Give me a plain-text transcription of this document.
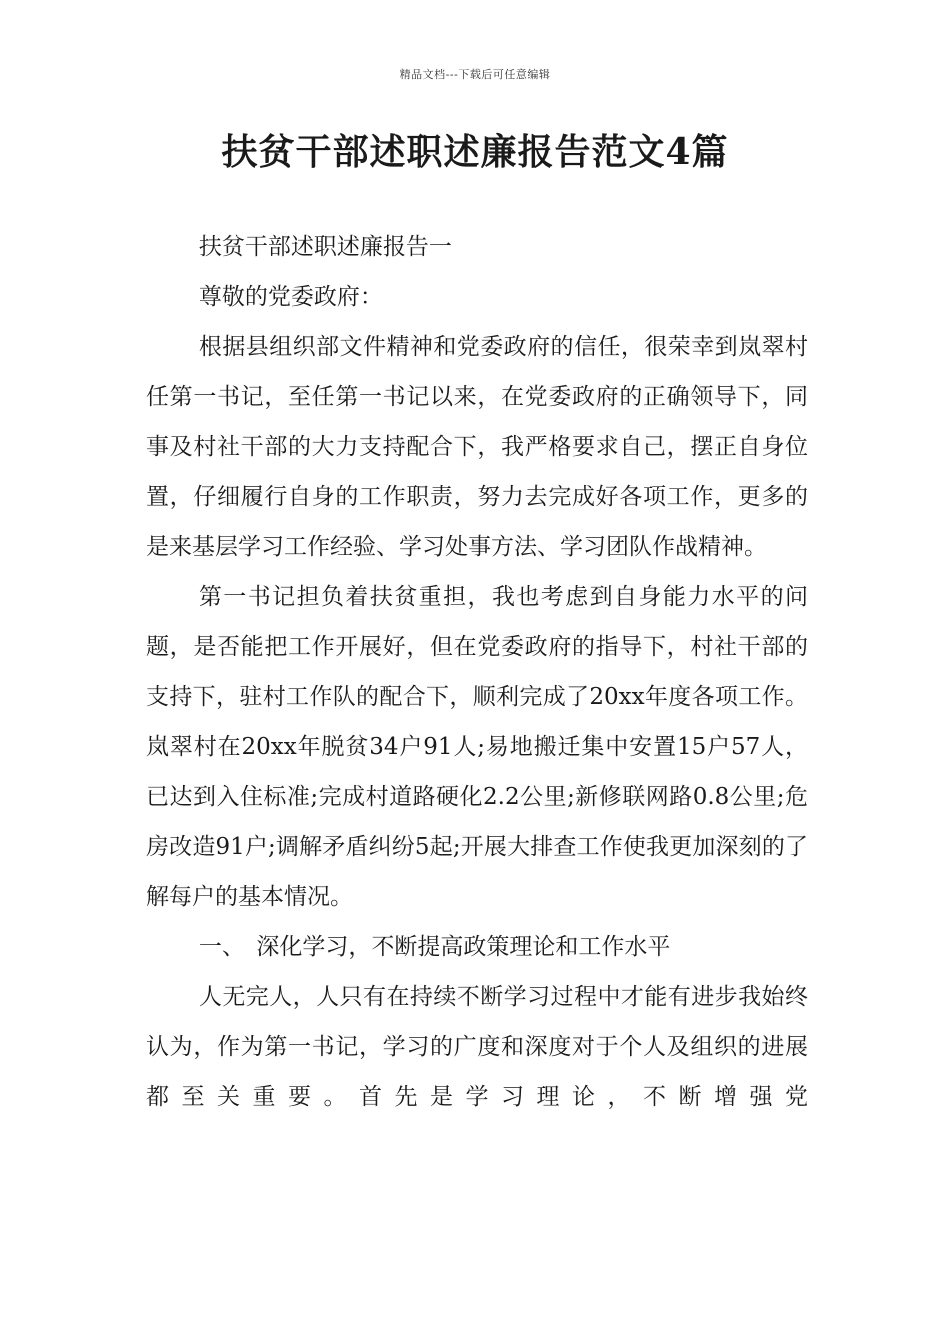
精品文档---下载后可任意编辑
扶贫干部述职述廉报告范文4篇

扶贫干部述职述廉报告一

尊敬的党委政府：

根据县组织部文件精神和党委政府的信任，很荣幸到岚翠村任第一书记，至任第一书记以来，在党委政府的正确领导下，同事及村社干部的大力支持配合下，我严格要求自己，摆正自身位置，仔细履行自身的工作职责，努力去完成好各项工作，更多的是来基层学习工作经验、学习处事方法、学习团队作战精神。

第一书记担负着扶贫重担，我也考虑到自身能力水平的问题，是否能把工作开展好，但在党委政府的指导下，村社干部的支持下，驻村工作队的配合下，顺利完成了20xx年度各项工作。岚翠村在20xx年脱贫34户91人;易地搬迁集中安置15户57人，已达到入住标准;完成村道路硬化2.2公里;新修联网路0.8公里;危房改造91户;调解矛盾纠纷5起;开展大排查工作使我更加深刻的了解每户的基本情况。

一、　深化学习，不断提高政策理论和工作水平

人无完人，人只有在持续不断学习过程中才能有进步我始终认为，作为第一书记，学习的广度和深度对于个人及组织的进展都至关重要。首先是学习理论，不断增强党
